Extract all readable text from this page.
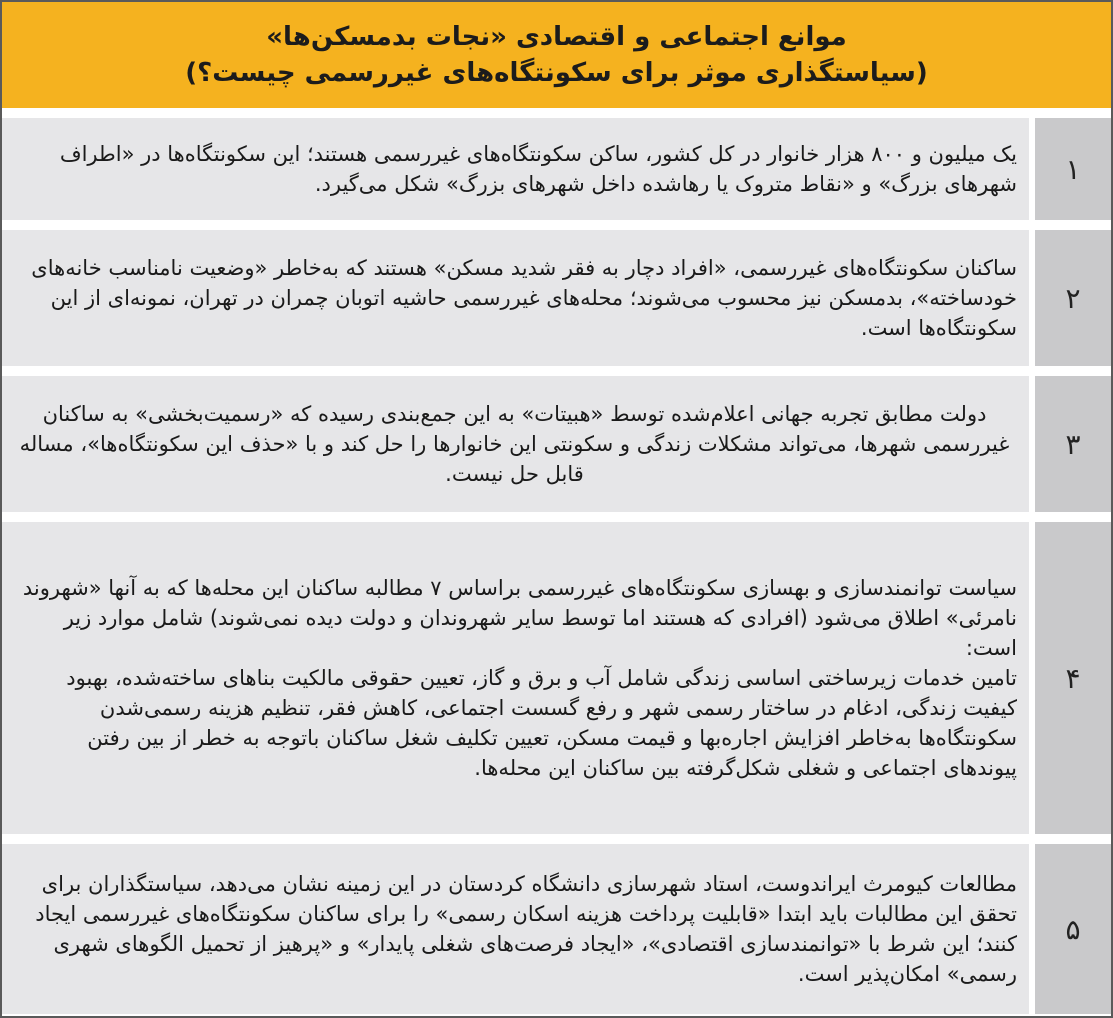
موانع اجتماعی و اقتصادی «نجات بدمسکن‌ها»
(سیاستگذاری موثر برای سکونتگاه‌های غیررسمی چیست؟)
۱

یک میلیون و ۸۰۰ هزار خانوار در کل کشور، ساکن سکونتگاه‌های غیررسمی هستند؛ این سکونتگاه‌ها در «اطراف شهرهای بزرگ» و «نقاط متروک یا رهاشده داخل شهرهای بزرگ» شکل می‌گیرد.

۲

ساکنان سکونتگاه‌های غیررسمی، «افراد دچار به فقر شدید مسکن» هستند که به‌خاطر «وضعیت نامناسب خانه‌های خودساخته»، بدمسکن نیز محسوب می‌شوند؛ محله‌های غیررسمی حاشیه اتوبان چمران در تهران، نمونه‌ای از این سکونتگاه‌ها است.

۳

دولت مطابق تجربه جهانی اعلام‌شده توسط «هبیتات» به این جمع‌بندی رسیده که «رسمیت‌بخشی» به ساکنان غیررسمی شهرها، می‌تواند مشکلات زندگی و سکونتی این خانوارها را حل کند و با «حذف این سکونتگاه‌ها»، مساله قابل حل نیست.

۴

سیاست توانمندسازی و بهسازی سکونتگاه‌های غیررسمی براساس ۷ مطالبه ساکنان این محله‌ها که به آنها «شهروند نامرئی» اطلاق می‌شود (افرادی که هستند اما توسط سایر شهروندان و دولت دیده نمی‌شوند) شامل موارد زیر است:

تامین خدمات زیرساختی اساسی زندگی شامل آب و برق و گاز، تعیین حقوقی مالکیت بناهای ساخته‌شده، بهبود کیفیت زندگی، ادغام در ساختار رسمی شهر و رفع گسست اجتماعی، کاهش فقر، تنظیم هزینه رسمی‌شدن سکونتگاه‌ها به‌خاطر افزایش اجاره‌بها و قیمت مسکن، تعیین تکلیف شغل ساکنان باتوجه به خطر از بین رفتن پیوندهای اجتماعی و شغلی شکل‌گرفته بین ساکنان این محله‌ها.

۵

مطالعات کیومرث ایراندوست، استاد شهرسازی دانشگاه کردستان در این زمینه نشان می‌دهد، سیاستگذاران برای تحقق این مطالبات باید ابتدا «قابلیت پرداخت هزینه اسکان رسمی» را برای ساکنان سکونتگاه‌های غیررسمی ایجاد کنند؛ این شرط با «توانمندسازی اقتصادی»، «ایجاد فرصت‌های شغلی پایدار» و «پرهیز از تحمیل الگوهای شهری رسمی» امکان‌پذیر است.
